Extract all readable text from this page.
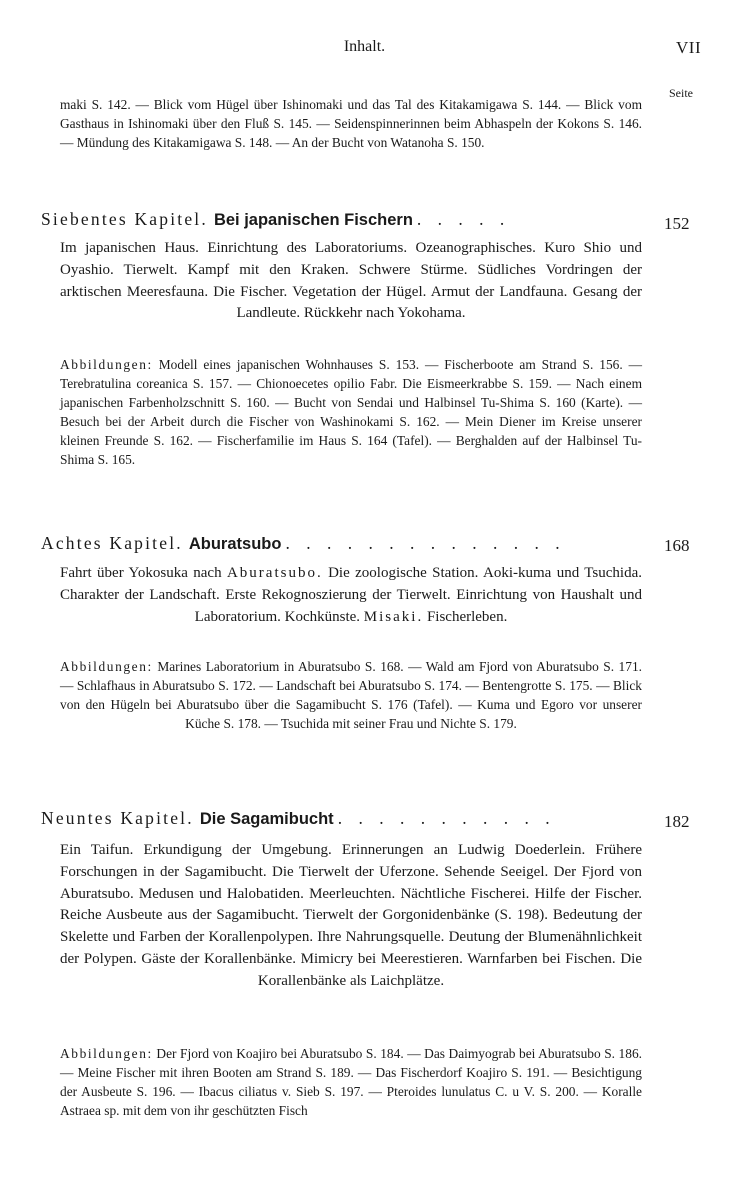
Inhalt.	VII
Seite
maki S. 142. — Blick vom Hügel über Ishinomaki und das Tal des Kitakamigawa S. 144. — Blick vom Gasthaus in Ishinomaki über den Fluß S. 145. — Seidenspinnerinnen beim Abhaspeln der Kokons S. 146. — Mündung des Kitakamigawa S. 148. — An der Bucht von Watanoha S. 150.
Siebentes Kapitel. Bei japanischen Fischern . . . . .	152
Im japanischen Haus. Einrichtung des Laboratoriums. Ozeanographisches. Kuro Shio und Oyashio. Tierwelt. Kampf mit den Kraken. Schwere Stürme. Südliches Vordringen der arktischen Meeresfauna. Die Fischer. Vegetation der Hügel. Armut der Landfauna. Gesang der Landleute. Rückkehr nach Yokohama.
Abbildungen: Modell eines japanischen Wohnhauses S. 153. — Fischerboote am Strand S. 156. — Terebratulina coreanica S. 157. — Chionoecetes opilio Fabr. Die Eismeerkrabbe S. 159. — Nach einem japanischen Farbenholzschnitt S. 160. — Bucht von Sendai und Halbinsel Tu-Shima S. 160 (Karte). — Besuch bei der Arbeit durch die Fischer von Washinokami S. 162. — Mein Diener im Kreise unserer kleinen Freunde S. 162. — Fischerfamilie im Haus S. 164 (Tafel). — Berghalden auf der Halbinsel Tu-Shima S. 165.
Achtes Kapitel. Aburatsubo . . . . . . . . . . . . . .	168
Fahrt über Yokosuka nach Aburatsubo. Die zoologische Station. Aoki-kuma und Tsuchida. Charakter der Landschaft. Erste Rekognoszierung der Tierwelt. Einrichtung von Haushalt und Laboratorium. Kochkünste. Misaki. Fischerleben.
Abbildungen: Marines Laboratorium in Aburatsubo S. 168. — Wald am Fjord von Aburatsubo S. 171. — Schlafhaus in Aburatsubo S. 172. — Landschaft bei Aburatsubo S. 174. — Bentengrotte S. 175. — Blick von den Hügeln bei Aburatsubo über die Sagamibucht S. 176 (Tafel). — Kuma und Egoro vor unserer Küche S. 178. — Tsuchida mit seiner Frau und Nichte S. 179.
Neuntes Kapitel. Die Sagamibucht . . . . . . . . . . .	182
Ein Taifun. Erkundigung der Umgebung. Erinnerungen an Ludwig Doederlein. Frühere Forschungen in der Sagamibucht. Die Tierwelt der Uferzone. Sehende Seeigel. Der Fjord von Aburatsubo. Medusen und Halobatiden. Meerleuchten. Nächtliche Fischerei. Hilfe der Fischer. Reiche Ausbeute aus der Sagamibucht. Tierwelt der Gorgonidenbänke (S. 198). Bedeutung der Skelette und Farben der Korallenpolypen. Ihre Nahrungsquelle. Deutung der Blumenähnlichkeit der Polypen. Gäste der Korallenbänke. Mimicry bei Meerestieren. Warnfarben bei Fischen. Die Korallenbänke als Laichplätze.
Abbildungen: Der Fjord von Koajiro bei Aburatsubo S. 184. — Das Daimyograb bei Aburatsubo S. 186. — Meine Fischer mit ihren Booten am Strand S. 189. — Das Fischerdorf Koajiro S. 191. — Besichtigung der Ausbeute S. 196. — Ibacus ciliatus v. Sieb S. 197. — Pteroides lunulatus C. u V. S. 200. — Koralle Astraea sp. mit dem von ihr geschützten Fisch
